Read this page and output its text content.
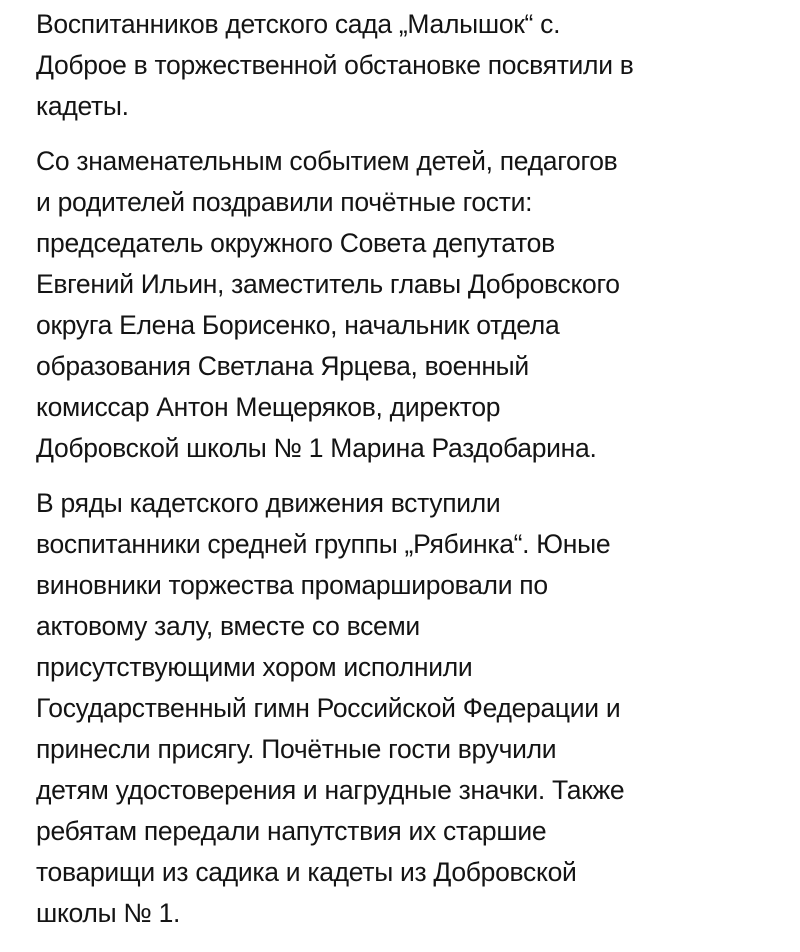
Воспитанников детского сада „Малышок“ с.
Доброе в торжественной обстановке посвятили в
кадеты.

Со знаменательным событием детей, педагогов
и родителей поздравили почётные гости:
председатель окружного Совета депутатов
Евгений Ильин, заместитель главы Добровского
округа Елена Борисенко, начальник отдела
образования Светлана Ярцева, военный
комиссар Антон Мещеряков, директор
Добровской школы № 1 Марина Раздобарина.

В ряды кадетского движения вступили
воспитанники средней группы „Рябинка“. Юные
виновники торжества промаршировали по
актовому залу, вместе со всеми
присутствующими хором исполнили
Государственный гимн Российской Федерации и
принесли присягу. Почётные гости вручили
детям удостоверения и нагрудные значки. Также
ребятам передали напутствия их старшие
товарищи из садика и кадеты из Добровской
школы № 1.
